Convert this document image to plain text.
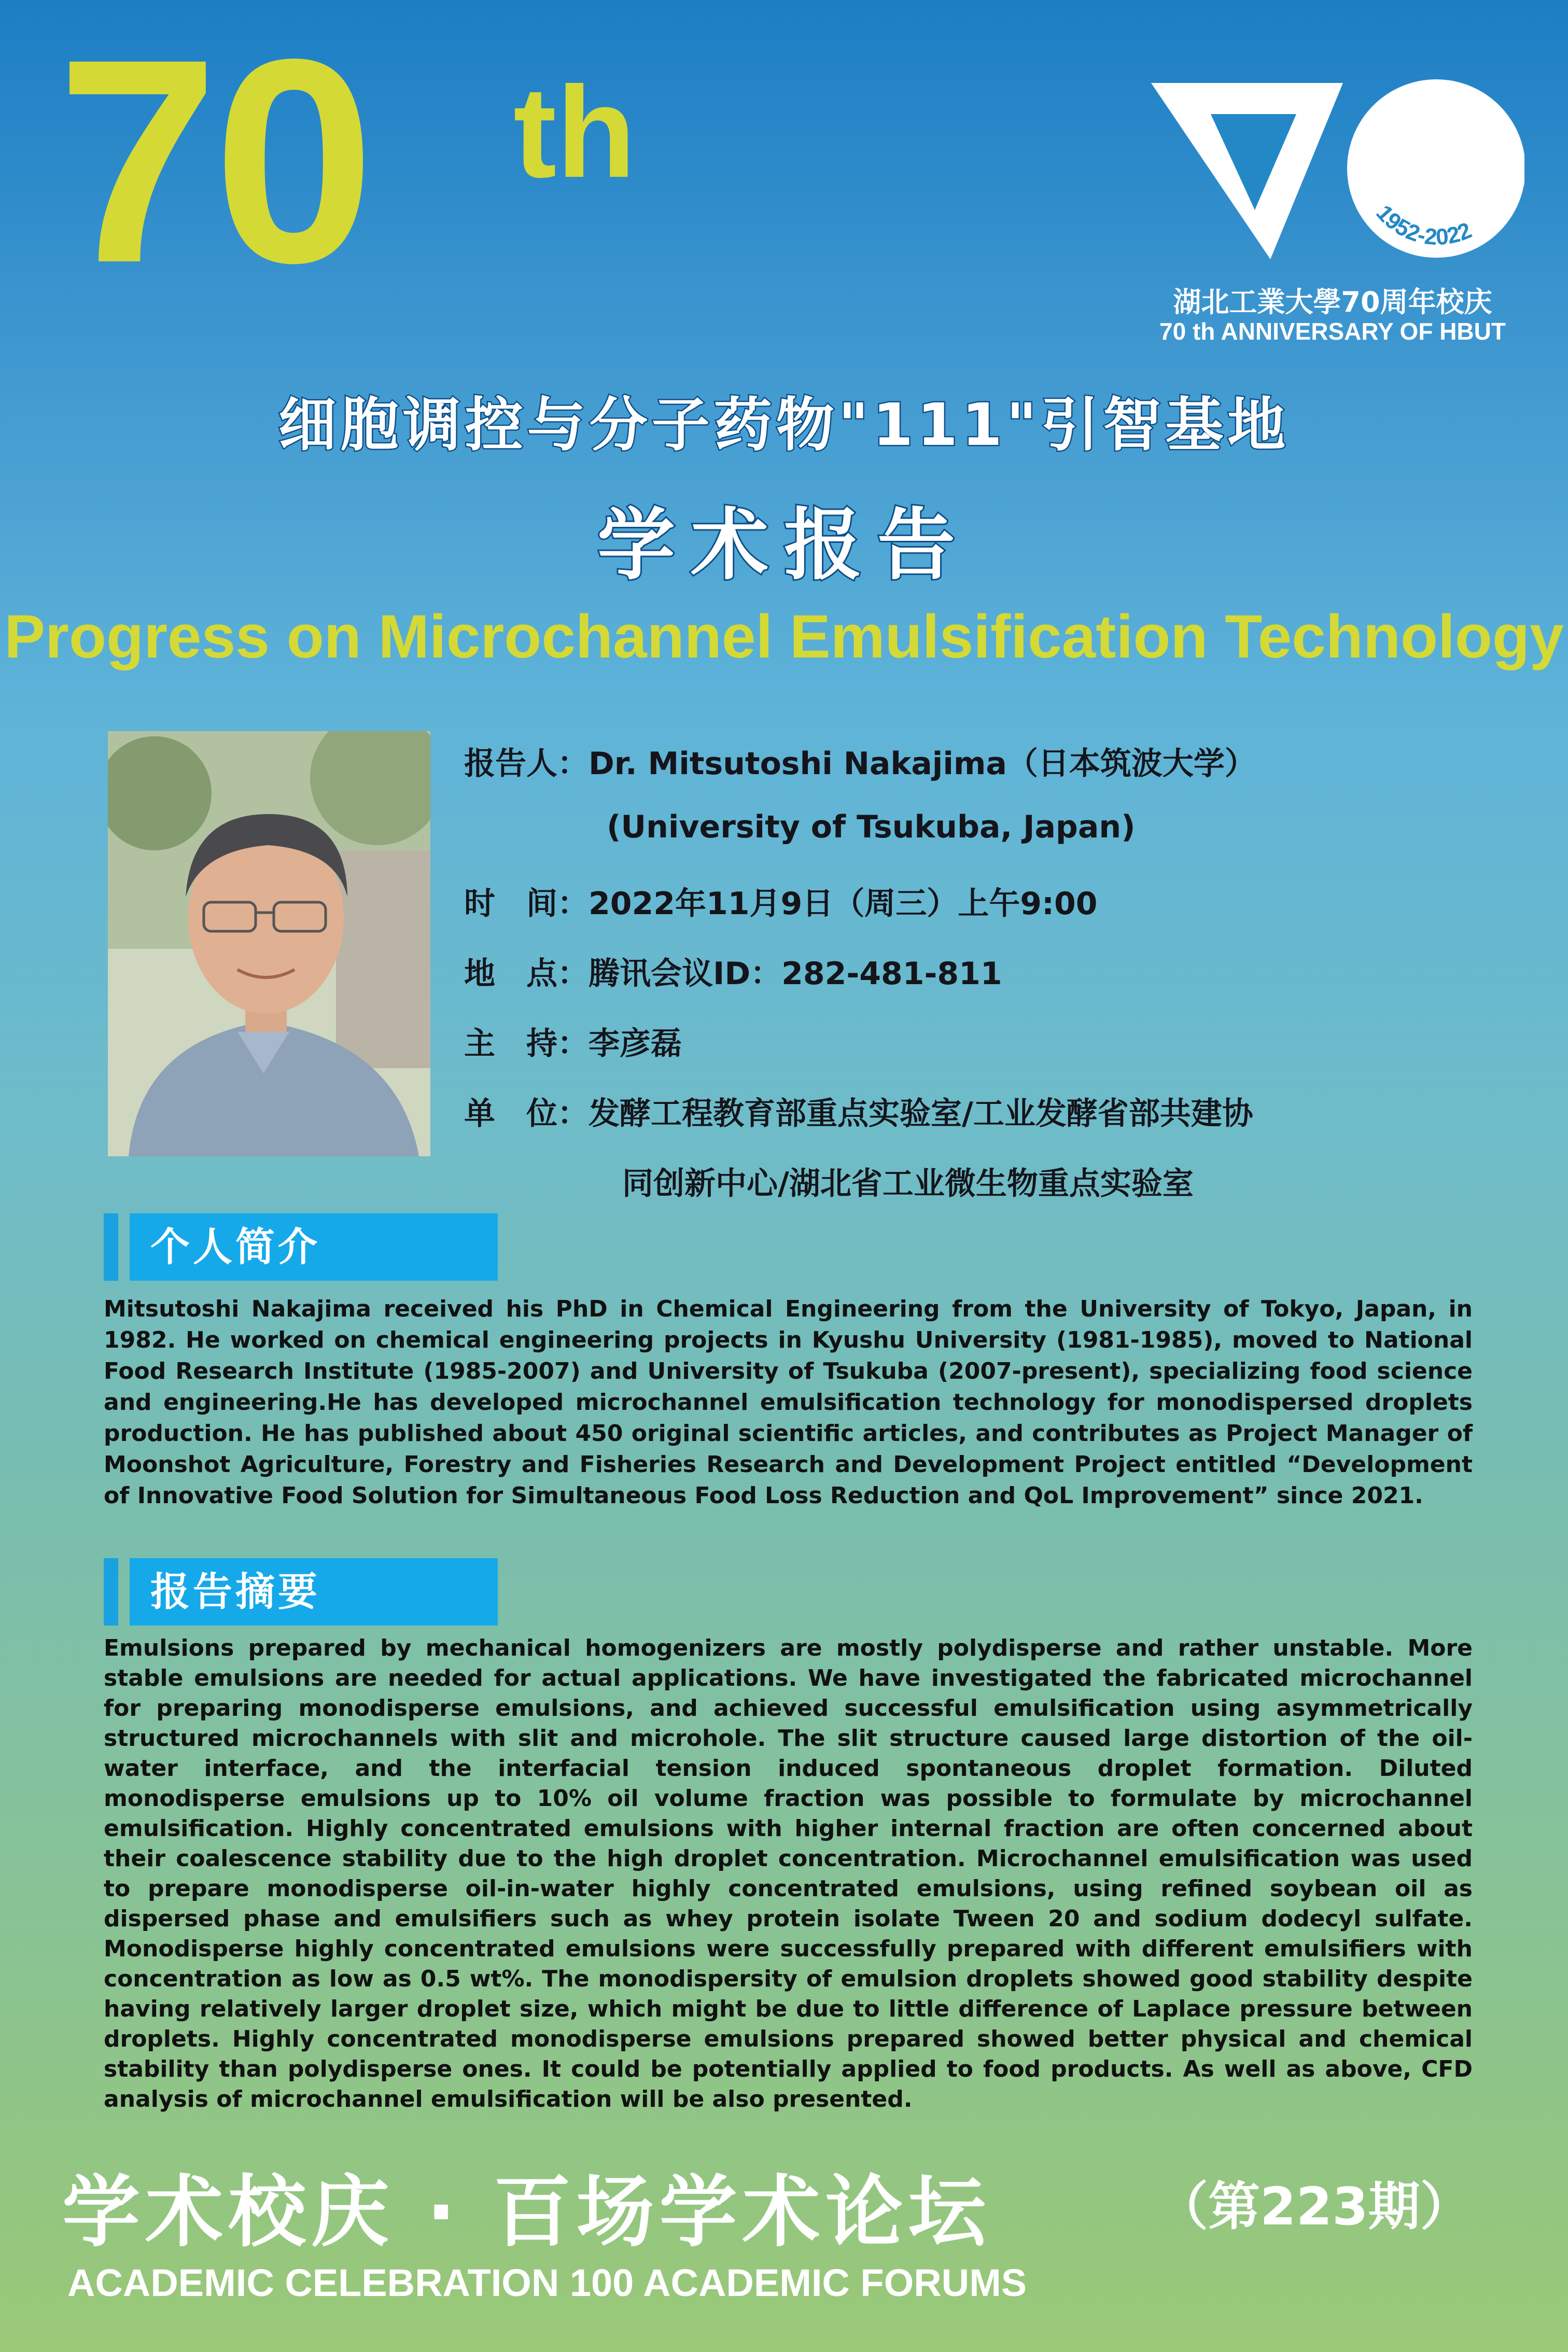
70 th
1952-2022
湖北工業大學70周年校庆
70 th ANNIVERSARY OF HBUT
细胞调控与分子药物"111"引智基地
学术报告
Progress on Microchannel Emulsification Technology
报告人：Dr. Mitsutoshi Nakajima（日本筑波大学）
(University of Tsukuba, Japan)
时　间：2022年11月9日（周三）上午9:00
地　点：腾讯会议ID：282-481-811
主　持：李彦磊
单　位：发酵工程教育部重点实验室/工业发酵省部共建协
同创新中心/湖北省工业微生物重点实验室
个人简介
Mitsutoshi Nakajima received his PhD in Chemical Engineering from the University of Tokyo, Japan, in 1982. He worked on chemical engineering projects in Kyushu University (1981-1985), moved to National Food Research Institute (1985-2007) and University of Tsukuba (2007-present), specializing food science and engineering.He has developed microchannel emulsification technology for monodispersed droplets production. He has published about 450 original scientific articles, and contributes as Project Manager of Moonshot Agriculture, Forestry and Fisheries Research and Development Project entitled “Development of Innovative Food Solution for Simultaneous Food Loss Reduction and QoL Improvement” since 2021.
报告摘要
Emulsions prepared by mechanical homogenizers are mostly polydisperse and rather unstable. More stable emulsions are needed for actual applications. We have investigated the fabricated microchannel for preparing monodisperse emulsions, and achieved successful emulsification using asymmetrically structured microchannels with slit and microhole. The slit structure caused large distortion of the oil-water interface, and the interfacial tension induced spontaneous droplet formation. Diluted monodisperse emulsions up to 10% oil volume fraction was possible to formulate by microchannel emulsification. Highly concentrated emulsions with higher internal fraction are often concerned about their coalescence stability due to the high droplet concentration. Microchannel emulsification was used to prepare monodisperse oil-in-water highly concentrated emulsions, using refined soybean oil as dispersed phase and emulsifiers such as whey protein isolate Tween 20 and sodium dodecyl sulfate. Monodisperse highly concentrated emulsions were successfully prepared with different emulsifiers with concentration as low as 0.5 wt%. The monodispersity of emulsion droplets showed good stability despite having relatively larger droplet size, which might be due to little difference of Laplace pressure between droplets. Highly concentrated monodisperse emulsions prepared showed better physical and chemical stability than polydisperse ones. It could be potentially applied to food products. As well as above, CFD analysis of microchannel emulsification will be also presented.
学术校庆 · 百场学术论坛	（第223期）
ACADEMIC CELEBRATION 100 ACADEMIC FORUMS
